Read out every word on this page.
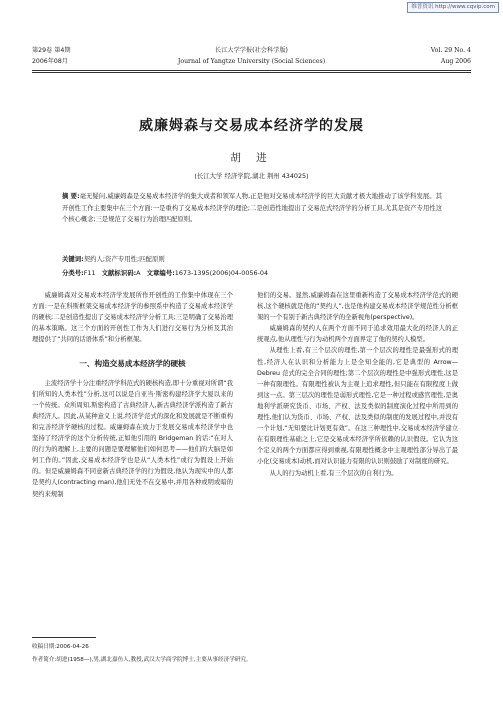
维普资讯 http://www.cqvip.com
第29卷 第4期
2006年08月
长江大学学报(社会科学版)
Journal of Yangtze University (Social Sciences)
Vol. 29 No. 4
Aug 2006
威廉姆森与交易成本经济学的发展
胡 进
(长江大学 经济学院,湖北 荆州 434025)
摘 要:毫无疑问,威廉姆森是交易成本经济学的集大成者和领军人物,正是他对交易成本经济学的巨大贡献才极大地推动了该学科发展。其开创性工作主要集中在三个方面:一是重构了交易成本经济学的理论;二是创造性地提出了交易范式经济学的分析工具,尤其是资产专用性这个核心概念;三是规范了交易行为治理匹配原则。
关键词:契约人;资产专用性;匹配原则
分类号:F11 文献标识码:A 文章编号:1673-1395(2006)04-0056-04

威廉姆森对交易成本经济学发展所作开创性的工作集中体现在三个方面:一是在科斯框架交易成本经济学的参照系中构造了交易成本经济学的硬核;二是创造性提出了交易成本经济学分析工具;三是明确了交易治理的基本策略。这三个方面的开创性工作为人们进行交易行为分析及其治理提供了“共同的话语体系”和分析框架。

一、构造交易成本经济学的硬核

主流经济学十分注重经济学科范式的硬核构造,即十分重视对所谓“我们所知的人类本性”分析,这可以说是自亚当·斯密构建经济学大厦以来的一个传统。众所周知,斯密构造了古典经济人,新古典经济学派构造了新古典经济人。因此,从某种意义上说,经济学范式的深化和发展就是不断重构和完善经济学硬核的过程。威廉姆森在致力于发展交易成本经济学中也坚持了经济学的这个分析传统,正如他引用的 Bridgeman 的话:“在对人的行为的理解上,主要的问题是要理解他们如何思考——他们的大脑是如何工作的。”因此,交易成本经济学也是从“人类本性”或行为假设上开始的。但是威廉姆森不同意新古典经济学的行为假设,他认为现实中的人都是契约人(contracting man),他们无处不在交易中,并用各种或明或暗的契约来规制

他们的交易。显然,威廉姆森在这里重新构造了交易成本经济学范式的硬核,这个硬核就是他的“契约人”,也是他构建交易成本经济学规范性分析框架的一个有别于新古典经济学的全新视角(perspective)。

威廉姆森的契约人在两个方面不同于追求效用最大化的经济人的正统观点,他从理性与行为动机两个方面界定了他的契约人模型。

从理性上看,有三个层次的理性,第一个层次的理性是最强形式的理性,经济人在认识和分析能力上是全知全能的,它是典型的 Arrow—Debreu 范式的完全合同的理性;第二个层次的理性是中强形式理性,这是一种有限理性。有限理性被认为主观上追求理性,但只能在有限程度上做到这一点。第三层次的理性是弱形式理性,它是一种过程或感官理性,是奥地利学派研究货币、市场、产权、法及类似的制度演化过程中所用到的理性,他们认为货币、市场、产权、法及类似的制度的发展过程中,并没有一个计划,“无知要比计划更有效”。在这三种理性中,交易成本经济学建立在有限理性基础之上,它是交易成本经济学所依赖的认识假设。它认为这个定义的两个方面都应得到重视,有限理性概念中主观理性部分导出了最小化(交易成本)动机,而对认识能力有限的认识则鼓励了对制度的研究。

从人的行为动机上看,有三个层次的自利行为。

收稿日期:2006-04-26
作者简介:胡进(1958—),男,湖北嘉鱼人,教授,武汉大学商学院博士,主要从事经济学研究。
